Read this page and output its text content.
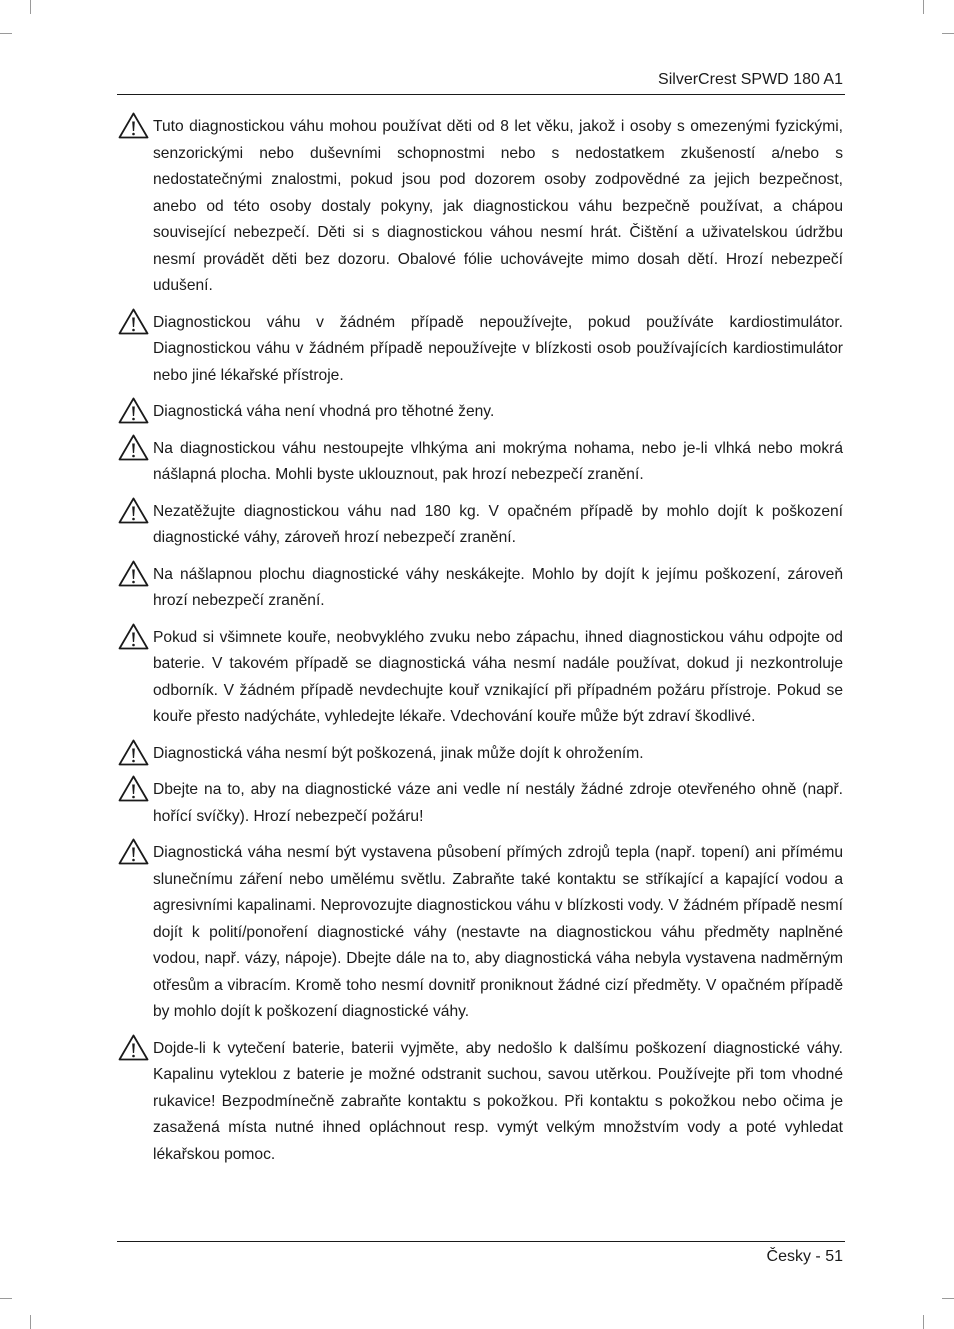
SilverCrest SPWD 180 A1

Tuto diagnostickou váhu mohou používat děti od 8 let věku, jakož i osoby s omezenými fyzickými, senzorickými nebo duševními schopnostmi nebo s nedostatkem zkušeností a/nebo s nedostatečnými znalostmi, pokud jsou pod dozorem osoby zodpovědné za jejich bezpečnost, anebo od této osoby dostaly pokyny, jak diagnostickou váhu bezpečně používat, a chápou související nebezpečí. Děti si s diagnostickou váhou nesmí hrát. Čištění a uživatelskou údržbu nesmí provádět děti bez dozoru. Obalové fólie uchovávejte mimo dosah dětí. Hrozí nebezpečí udušení.

Diagnostickou váhu v žádném případě nepoužívejte, pokud používáte kardiostimulátor. Diagnostickou váhu v žádném případě nepoužívejte v blízkosti osob používajících kardiostimulátor nebo jiné lékařské přístroje.

Diagnostická váha není vhodná pro těhotné ženy.

Na diagnostickou váhu nestoupejte vlhkýma ani mokrýma nohama, nebo je-li vlhká nebo mokrá nášlapná plocha. Mohli byste uklouznout, pak hrozí nebezpečí zranění.

Nezatěžujte diagnostickou váhu nad 180 kg. V opačném případě by mohlo dojít k poškození diagnostické váhy, zároveň hrozí nebezpečí zranění.

Na nášlapnou plochu diagnostické váhy neskákejte. Mohlo by dojít k jejímu poškození, zároveň hrozí nebezpečí zranění.

Pokud si všimnete kouře, neobvyklého zvuku nebo zápachu, ihned diagnostickou váhu odpojte od baterie. V takovém případě se diagnostická váha nesmí nadále používat, dokud ji nezkontroluje odborník. V žádném případě nevdechujte kouř vznikající při případném požáru přístroje. Pokud se kouře přesto nadýcháte, vyhledejte lékaře. Vdechování kouře může být zdraví škodlivé.

Diagnostická váha nesmí být poškozená, jinak může dojít k ohrožením.

Dbejte na to, aby na diagnostické váze ani vedle ní nestály žádné zdroje otevřeného ohně (např. hořící svíčky). Hrozí nebezpečí požáru!

Diagnostická váha nesmí být vystavena působení přímých zdrojů tepla (např. topení) ani přímému slunečnímu záření nebo umělému světlu. Zabraňte také kontaktu se stříkající a kapající vodou a agresivními kapalinami. Neprovozujte diagnostickou váhu v blízkosti vody. V žádném případě nesmí dojít k polití/ponoření diagnostické váhy (nestavte na diagnostickou váhu předměty naplněné vodou, např. vázy, nápoje). Dbejte dále na to, aby diagnostická váha nebyla vystavena nadměrným otřesům a vibracím. Kromě toho nesmí dovnitř proniknout žádné cizí předměty. V opačném případě by mohlo dojít k poškození diagnostické váhy.

Dojde-li k vytečení baterie, baterii vyjměte, aby nedošlo k dalšímu poškození diagnostické váhy. Kapalinu vyteklou z baterie je možné odstranit suchou, savou utěrkou. Používejte při tom vhodné rukavice! Bezpodmínečně zabraňte kontaktu s pokožkou. Při kontaktu s pokožkou nebo očima je zasažená místa nutné ihned opláchnout resp. vymýt velkým množstvím vody a poté vyhledat lékařskou pomoc.

Česky - 51
